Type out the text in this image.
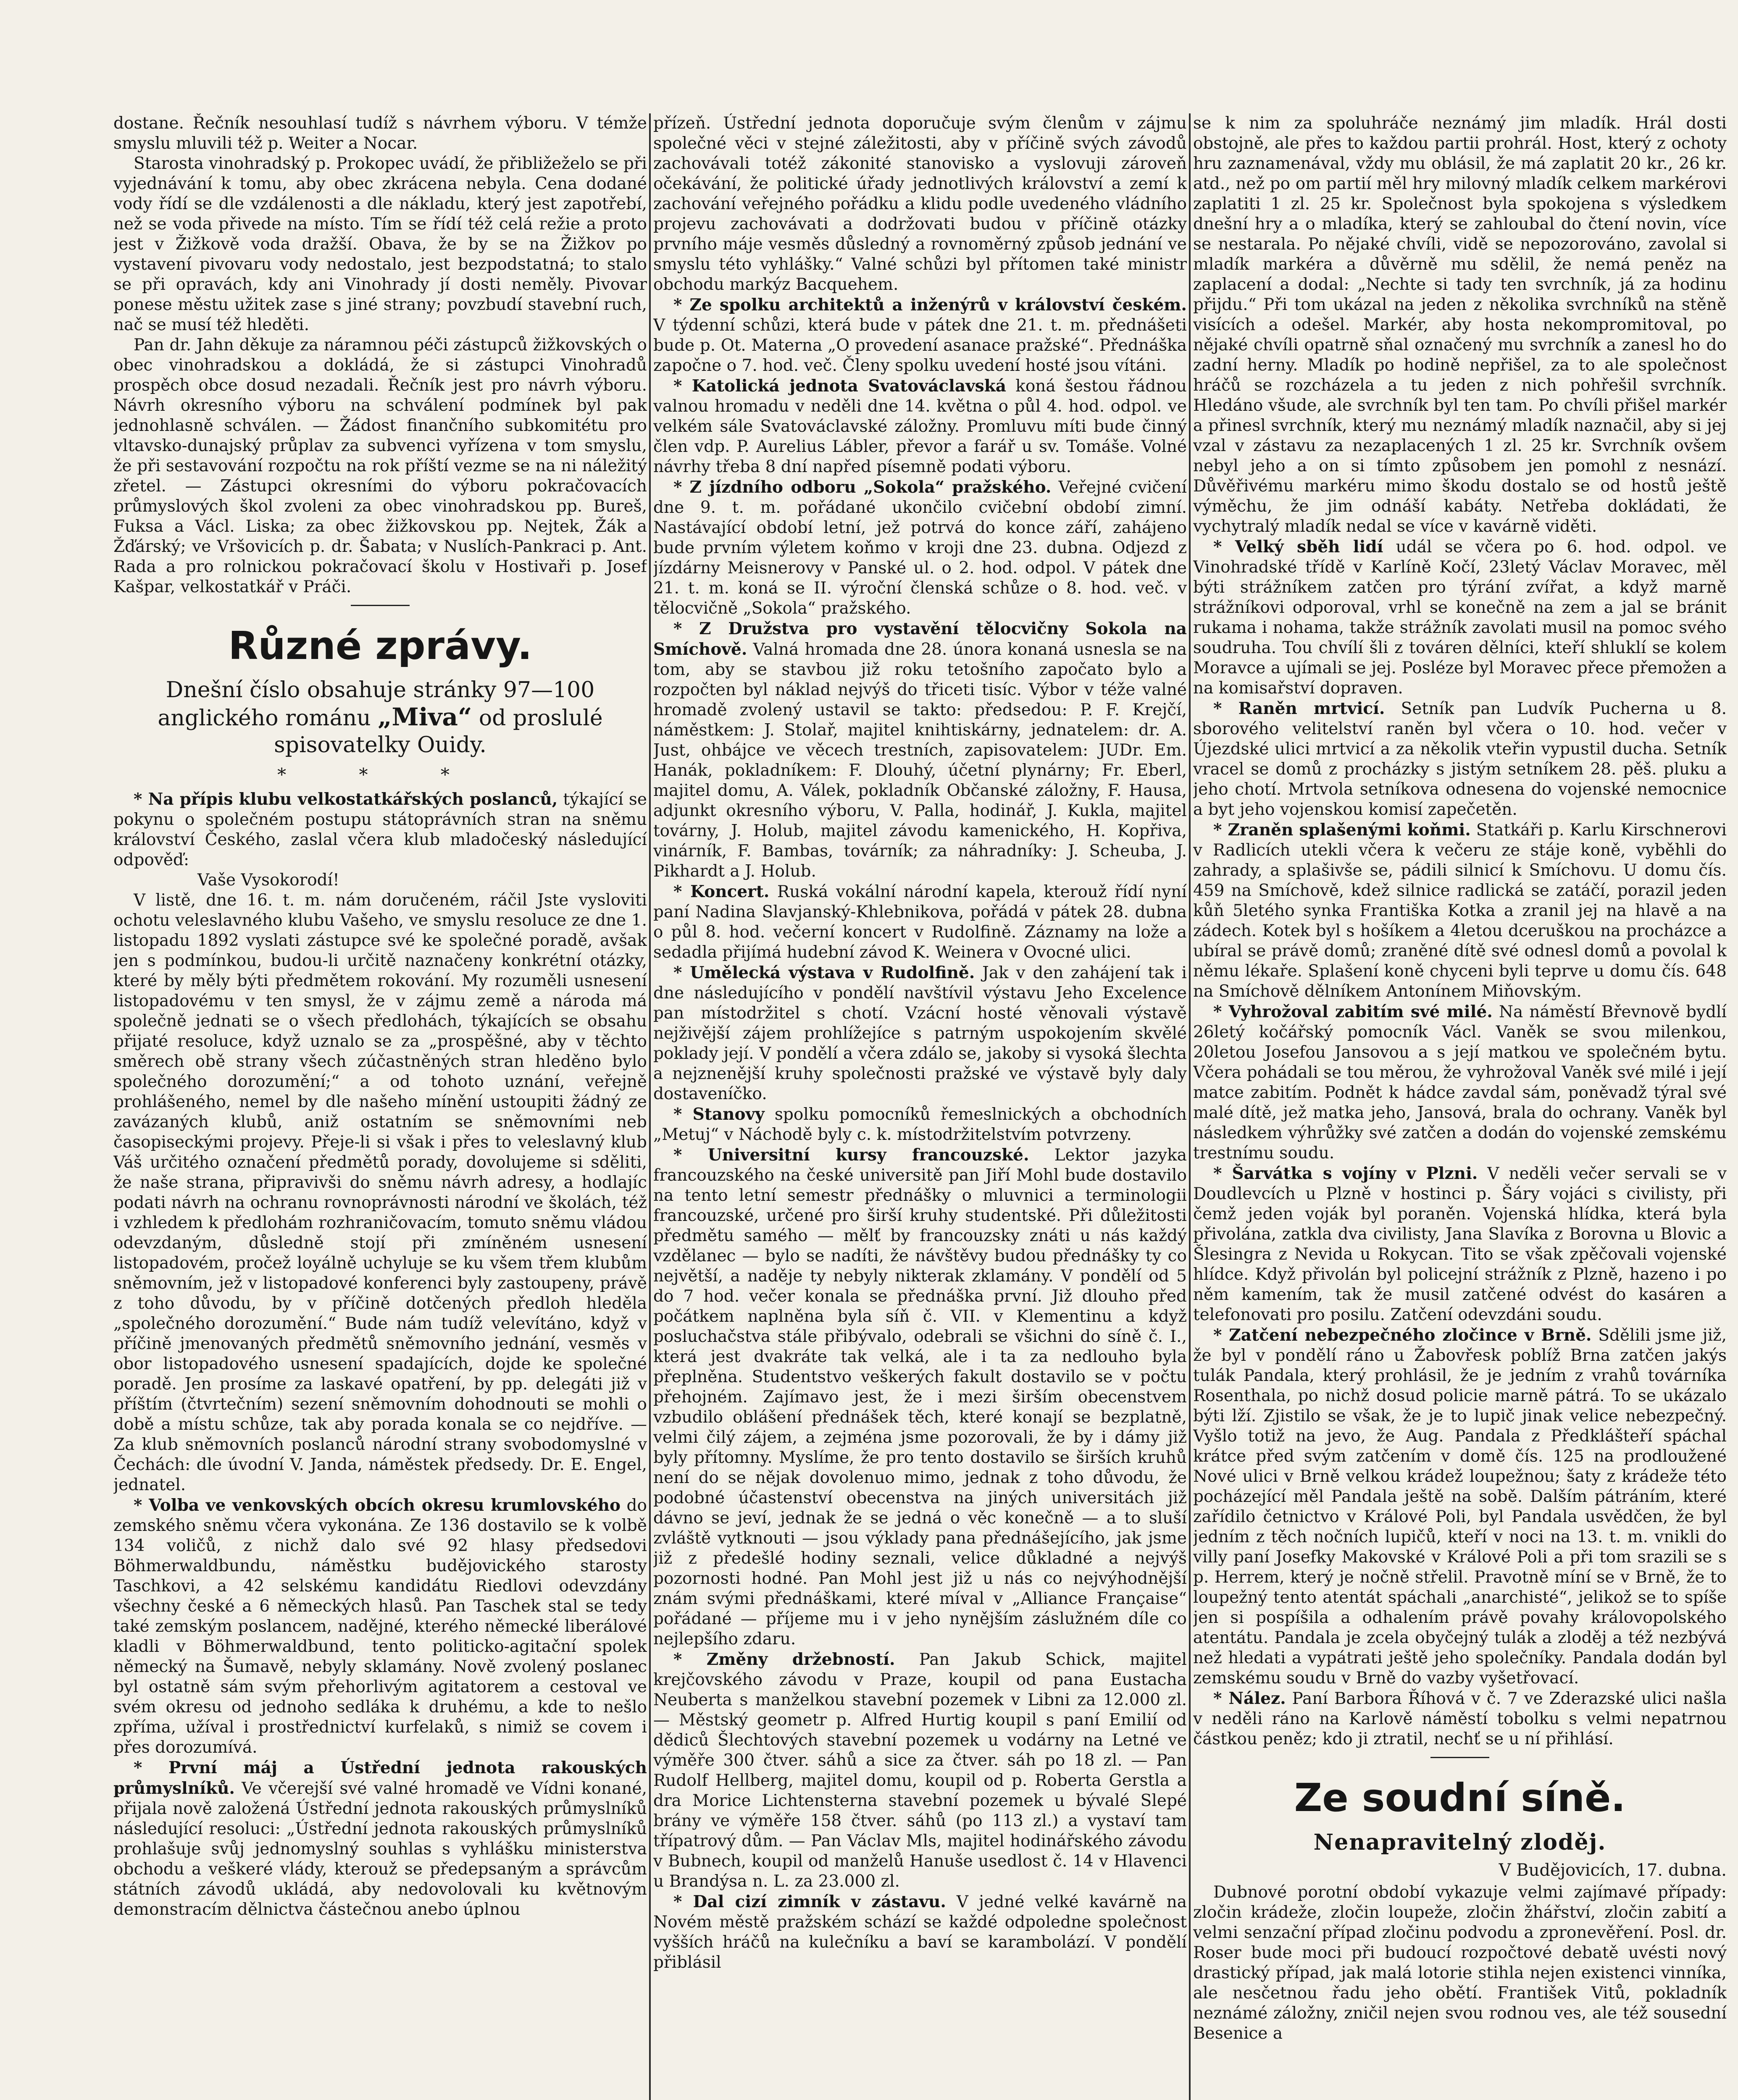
dostane. Řečník nesouhlasí tudíž s návrhem výboru. V témže smyslu mluvili též p. Weiter a Nocar.

Starosta vinohradský p. Prokopec uvádí, že přibližeželo se při vyjednávání k tomu, aby obec zkrácena nebyla. Cena dodané vody řídí se dle vzdálenosti a dle nákladu, který jest zapotřebí, než se voda přivede na místo. Tím se řídí též celá režie a proto jest v Žižkově voda dražší. Obava, že by se na Žižkov po vystavení pivovaru vody nedostalo, jest bezpodstatná; to stalo se při opravách, kdy ani Vinohrady jí dosti neměly. Pivovar ponese městu užitek zase s jiné strany; povzbudí stavební ruch, nač se musí též hleděti.

Pan dr. Jahn děkuje za náramnou péči zástupců žižkovských o obec vinohradskou a dokládá, že si zástupci Vinohradů prospěch obce dosud nezadali. Řečník jest pro návrh výboru. Návrh okresního výboru na schválení podmínek byl pak jednohlasně schválen. — Žádost finančního subkomitétu pro vltavsko-dunajský průplav za subvenci vyřízena v tom smyslu, že při sestavování rozpočtu na rok příští vezme se na ni náležitý zřetel. — Zástupci okresními do výboru pokračovacích průmyslových škol zvoleni za obec vinohradskou pp. Bureš, Fuksa a Václ. Liska; za obec žižkovskou pp. Nejtek, Žák a Žďárský; ve Vršovicích p. dr. Šabata; v Nuslích-Pankraci p. Ant. Rada a pro rolnickou pokračovací školu v Hostivaři p. Josef Kašpar, velkostatkář v Práči.

Různé zprávy.
Dnešní číslo obsahuje stránky 97—100 anglického románu „Miva“ od proslulé spisovatelky Ouidy.
* * *

* Na přípis klubu velkostatkářských poslanců, týkající se pokynu o společném postupu státoprávních stran na sněmu království Českého, zaslal včera klub mladočeský následující odpověď:

Vaše Vysokorodí!

V listě, dne 16. t. m. nám doručeném, ráčil Jste vysloviti ochotu veleslavného klubu Vašeho, ve smyslu resoluce ze dne 1. listopadu 1892 vyslati zástupce své ke společné poradě, avšak jen s podmínkou, budou-li určitě naznačeny konkrétní otázky, které by měly býti předmětem rokování. My rozuměli usnesení listopadovému v ten smysl, že v zájmu země a národa má společně jednati se o všech předlohách, týkajících se obsahu přijaté resoluce, když uznalo se za „prospěšné, aby v těchto směrech obě strany všech zúčastněných stran hleděno bylo společného dorozumění;“ a od tohoto uznání, veřejně prohlášeného, nemel by dle našeho mínění ustoupiti žádný ze zavázaných klubů, aniž ostatním se sněmovními neb časopiseckými projevy. Přeje-li si však i přes to veleslavný klub Váš určitého označení předmětů porady, dovolujeme si sděliti, že naše strana, připravivši do sněmu návrh adresy, a hodlajíc podati návrh na ochranu rovnoprávnosti národní ve školách, též i vzhledem k předlohám rozhraničovacím, tomuto sněmu vládou odevzdaným, důsledně stojí při zmíněném usnesení listopadovém, pročež loyálně uchyluje se ku všem třem klubům sněmovním, jež v listopadové konferenci byly zastoupeny, právě z toho důvodu, by v příčině dotčených předloh hleděla „společného dorozumění.“ Bude nám tudíž velevítáno, když v příčině jmenovaných předmětů sněmovního jednání, vesměs v obor listopadového usnesení spadajících, dojde ke společné poradě. Jen prosíme za laskavé opatření, by pp. delegáti již v příštím (čtvrtečním) sezení sněmovním dohodnouti se mohli o době a místu schůze, tak aby porada konala se co nejdříve. — Za klub sněmovních poslanců národní strany svobodomyslné v Čechách: dle úvodní V. Janda, náměstek předsedy. Dr. E. Engel, jednatel.

* Volba ve venkovských obcích okresu krumlovského do zemského sněmu včera vykonána. Ze 136 dostavilo se k volbě 134 voličů, z nichž dalo své 92 hlasy předsedovi Böhmerwaldbundu, náměstku budějovického starosty Taschkovi, a 42 selskému kandidátu Riedlovi odevzdány všechny české a 6 německých hlasů. Pan Taschek stal se tedy také zemským poslancem, nadějné, kterého německé liberálové kladli v Böhmerwaldbund, tento politicko-agitační spolek německý na Šumavě, nebyly sklamány. Nově zvolený poslanec byl ostatně sám svým přehorlivým agitatorem a cestoval ve svém okresu od jednoho sedláka k druhému, a kde to nešlo zpříma, užíval i prostřednictví kurfelaků, s nimiž se covem i přes dorozumívá.

* První máj a Ústřední jednota rakouských průmyslníků. Ve včerejší své valné hromadě ve Vídni konané, přijala nově založená Ústřední jednota rakouských průmyslníků následující resoluci: „Ústřední jednota rakouských průmyslníků prohlašuje svůj jednomyslný souhlas s vyhlášku ministerstva obchodu a veškeré vlády, kterouž se předepsaným a správcům státních závodů ukládá, aby nedovolovali ku květnovým demonstracím dělnictva částečnou anebo úplnou

přízeň. Ústřední jednota doporučuje svým členům v zájmu společné věci v stejné záležitosti, aby v příčině svých závodů zachovávali totéž zákonité stanovisko a vyslovuji zároveň očekávání, že politické úřady jednotlivých království a zemí k zachování veřejného pořádku a klidu podle uvedeného vládního projevu zachovávati a dodržovati budou v příčině otázky prvního máje vesměs důsledný a rovnoměrný způsob jednání ve smyslu této vyhlášky.“ Valné schůzi byl přítomen také ministr obchodu markýz Bacquehem.

* Ze spolku architektů a inženýrů v království českém. V týdenní schůzi, která bude v pátek dne 21. t. m. přednášeti bude p. Ot. Materna „O provedení asanace pražské“. Přednáška započne o 7. hod. več. Členy spolku uvedení hosté jsou vítáni.

* Katolická jednota Svatováclavská koná šestou řádnou valnou hromadu v neděli dne 14. května o půl 4. hod. odpol. ve velkém sále Svatováclavské záložny. Promluvu míti bude činný člen vdp. P. Aurelius Lábler, převor a farář u sv. Tomáše. Volné návrhy třeba 8 dní napřed písemně podati výboru.

* Z jízdního odboru „Sokola“ pražského. Veřejné cvičení dne 9. t. m. pořádané ukončilo cvičební období zimní. Nastávající období letní, jež potrvá do konce září, zahájeno bude prvním výletem koňmo v kroji dne 23. dubna. Odjezd z jízdárny Meisnerovy v Panské ul. o 2. hod. odpol. V pátek dne 21. t. m. koná se II. výroční členská schůze o 8. hod. več. v tělocvičně „Sokola“ pražského.

* Z Družstva pro vystavění tělocvičny Sokola na Smíchově. Valná hromada dne 28. února konaná usnesla se na tom, aby se stavbou již roku tetošního započato bylo a rozpočten byl náklad nejvýš do třiceti tisíc. Výbor v téže valné hromadě zvolený ustavil se takto: předsedou: P. F. Krejčí, náměstkem: J. Stolař, majitel knihtiskárny, jednatelem: dr. A. Just, ohbájce ve věcech trestních, zapisovatelem: JUDr. Em. Hanák, pokladníkem: F. Dlouhý, účetní plynárny; Fr. Eberl, majitel domu, A. Válek, pokladník Občanské záložny, F. Hausa, adjunkt okresního výboru, V. Palla, hodinář, J. Kukla, majitel továrny, J. Holub, majitel závodu kamenického, H. Kopřiva, vinárník, F. Bambas, továrník; za náhradníky: J. Scheuba, J. Pikhardt a J. Holub.

* Koncert. Ruská vokální národní kapela, kterouž řídí nyní paní Nadina Slavjanský-Khlebnikova, pořádá v pátek 28. dubna o půl 8. hod. večerní koncert v Rudolfině. Záznamy na lože a sedadla přijímá hudební závod K. Weinera v Ovocné ulici.

* Umělecká výstava v Rudolfině. Jak v den zahájení tak i dne následujícího v pondělí navštívil výstavu Jeho Excelence pan místodržitel s chotí. Vzácní hosté věnovali výstavě nejživější zájem prohlížejíce s patrným uspokojením skvělé poklady její. V pondělí a včera zdálo se, jakoby si vysoká šlechta a nejznenější kruhy společnosti pražské ve výstavě byly daly dostaveníčko.

* Stanovy spolku pomocníků řemeslnických a obchodních „Metuj“ v Náchodě byly c. k. místodržitelstvím potvrzeny.

* Universitní kursy francouzské. Lektor jazyka francouzského na české universitě pan Jiří Mohl bude dostavilo na tento letní semestr přednášky o mluvnici a terminologii francouzské, určené pro širší kruhy studentské. Při důležitosti předmětu samého — mělť by francouzsky znáti u nás každý vzdělanec — bylo se nadíti, že návštěvy budou přednášky ty co největší, a naděje ty nebyly nikterak zklamány. V pondělí od 5 do 7 hod. večer konala se přednáška první. Již dlouho před počátkem naplněna byla síň č. VII. v Klementinu a když posluchačstva stále přibývalo, odebrali se všichni do síně č. I., která jest dvakráte tak velká, ale i ta za nedlouho byla přeplněna. Studentstvo veškerých fakult dostavilo se v počtu přehojném. Zajímavo jest, že i mezi širším obecenstvem vzbudilo oblášení přednášek těch, které konají se bezplatně, velmi čilý zájem, a zejména jsme pozorovali, že by i dámy již byly přítomny. Myslíme, že pro tento dostavilo se širších kruhů není do se nějak dovolenuo mimo, jednak z toho důvodu, že podobné účastenství obecenstva na jiných universitách již dávno se jeví, jednak že se jedná o věc konečně — a to sluší zvláště vytknouti — jsou výklady pana přednášejícího, jak jsme již z předešlé hodiny seznali, velice důkladné a nejvýš pozornosti hodné. Pan Mohl jest již u nás co nejvýhodnější znám svými přednáškami, které míval v „Alliance Française“ pořádané — příjeme mu i v jeho nynějším záslužném díle co nejlepšího zdaru.

* Změny držebností. Pan Jakub Schick, majitel krejčovského závodu v Praze, koupil od pana Eustacha Neuberta s manželkou stavební pozemek v Libni za 12.000 zl. — Městský geometr p. Alfred Hurtig koupil s paní Emilií od dědiců Šlechtových stavební pozemek u vodárny na Letné ve výměře 300 čtver. sáhů a sice za čtver. sáh po 18 zl. — Pan Rudolf Hellberg, majitel domu, koupil od p. Roberta Gerstla a dra Morice Lichtensterna stavební pozemek u bývalé Slepé brány ve výměře 158 čtver. sáhů (po 113 zl.) a vystaví tam třípatrový dům. — Pan Václav Mls, majitel hodinářského závodu v Bubnech, koupil od manželů Hanuše usedlost č. 14 v Hlavenci u Brandýsa n. L. za 23.000 zl.

* Dal cizí zimník v zástavu. V jedné velké kavárně na Novém městě pražském schází se každé odpoledne společnost vyšších hráčů na kulečníku a baví se karambolází. V pondělí přiblásil

se k nim za spoluhráče neznámý jim mladík. Hrál dosti obstojně, ale přes to každou partii prohrál. Host, který z ochoty hru zaznamenával, vždy mu oblásil, že má zaplatit 20 kr., 26 kr. atd., než po om partií měl hry milovný mladík celkem markérovi zaplatiti 1 zl. 25 kr. Společnost byla spokojena s výsledkem dnešní hry a o mladíka, který se zahloubal do čtení novin, více se nestarala. Po nějaké chvíli, vidě se nepozorováno, zavolal si mladík markéra a důvěrně mu sdělil, že nemá peněz na zaplacení a dodal: „Nechte si tady ten svrchník, já za hodinu přijdu.“ Při tom ukázal na jeden z několika svrchníků na stěně visících a odešel. Markér, aby hosta nekompromitoval, po nějaké chvíli opatrně sňal označený mu svrchník a zanesl ho do zadní herny. Mladík po hodině nepřišel, za to ale společnost hráčů se rozcházela a tu jeden z nich pohřešil svrchník. Hledáno všude, ale svrchník byl ten tam. Po chvíli přišel markér a přinesl svrchník, který mu neznámý mladík naznačil, aby si jej vzal v zástavu za nezaplacených 1 zl. 25 kr. Svrchník ovšem nebyl jeho a on si tímto způsobem jen pomohl z nesnází. Důvěřivému markéru mimo škodu dostalo se od hostů ještě výměchu, že jim odnáší kabáty. Netřeba dokládati, že vychytralý mladík nedal se více v kavárně viděti.

* Velký sběh lidí udál se včera po 6. hod. odpol. ve Vinohradské třídě v Karlíně Kočí, 23letý Václav Moravec, měl býti strážníkem zatčen pro týrání zvířat, a když marně strážníkovi odporoval, vrhl se konečně na zem a jal se bránit rukama i nohama, takže strážník zavolati musil na pomoc svého soudruha. Tou chvílí šli z továren dělníci, kteří shluklí se kolem Moravce a ujímali se jej. Posléze byl Moravec přece přemožen a na komisařství dopraven.

* Raněn mrtvicí. Setník pan Ludvík Pucherna u 8. sborového velitelství raněn byl včera o 10. hod. večer v Újezdské ulici mrtvicí a za několik vteřin vypustil ducha. Setník vracel se domů z procházky s jistým setníkem 28. pěš. pluku a jeho chotí. Mrtvola setníkova odnesena do vojenské nemocnice a byt jeho vojenskou komisí zapečetěn.

* Zraněn splašenými koňmi. Statkáři p. Karlu Kirschnerovi v Radlicích utekli včera k večeru ze stáje koně, vyběhli do zahrady, a splašivše se, pádili silnicí k Smíchovu. U domu čís. 459 na Smíchově, kdež silnice radlická se zatáčí, porazil jeden kůň 5letého synka Františka Kotka a zranil jej na hlavě a na zádech. Kotek byl s hošíkem a 4letou dceruškou na procházce a ubíral se právě domů; zraněné dítě své odnesl domů a povolal k němu lékaře. Splašení koně chyceni byli teprve u domu čís. 648 na Smíchově dělníkem Antonínem Miňovským.

* Vyhrožoval zabitím své milé. Na náměstí Břevnově bydlí 26letý kočářský pomocník Václ. Vaněk se svou milenkou, 20letou Josefou Jansovou a s její matkou ve společném bytu. Včera pohádali se tou měrou, že vyhrožoval Vaněk své milé i její matce zabitím. Podnět k hádce zavdal sám, poněvadž týral své malé dítě, jež matka jeho, Jansová, brala do ochrany. Vaněk byl následkem výhrůžky své zatčen a dodán do vojenské zemskému trestnímu soudu.

* Šarvátka s vojíny v Plzni. V neděli večer servali se v Doudlevcích u Plzně v hostinci p. Šáry vojáci s civilisty, při čemž jeden voják byl poraněn. Vojenská hlídka, která byla přivolána, zatkla dva civilisty, Jana Slavíka z Borovna u Blovic a Šlesingra z Nevida u Rokycan. Tito se však zpěčovali vojenské hlídce. Když přivolán byl policejní strážník z Plzně, hazeno i po něm kamením, tak že musil zatčené odvést do kasáren a telefonovati pro posilu. Zatčení odevzdáni soudu.

* Zatčení nebezpečného zločince v Brně. Sdělili jsme již, že byl v pondělí ráno u Žabovřesk poblíž Brna zatčen jakýs tulák Pandala, který prohlásil, že je jedním z vrahů továrníka Rosenthala, po nichž dosud policie marně pátrá. To se ukázalo býti lží. Zjistilo se však, že je to lupič jinak velice nebezpečný. Vyšlo totiž na jevo, že Aug. Pandala z Předklášteří spáchal krátce před svým zatčením v domě čís. 125 na prodloužené Nové ulici v Brně velkou krádež loupežnou; šaty z krádeže této pocházející měl Pandala ještě na sobě. Dalším pátráním, které zařídilo četnictvo v Králové Poli, byl Pandala usvědčen, že byl jedním z těch nočních lupičů, kteří v noci na 13. t. m. vnikli do villy paní Josefky Makovské v Králové Poli a při tom srazili se s p. Herrem, který je nočně střelil. Pravotně míní se v Brně, že to loupežný tento atentát spáchali „anarchisté“, jelikož se to spíše jen si pospíšila a odhalením právě povahy královopolského atentátu. Pandala je zcela obyčejný tulák a zloděj a též nezbývá než hledati a vypátrati ještě jeho společníky. Pandala dodán byl zemskému soudu v Brně do vazby vyšetřovací.

* Nález. Paní Barbora Říhová v č. 7 ve Zderazské ulici našla v neděli ráno na Karlově náměstí tobolku s velmi nepatrnou částkou peněz; kdo ji ztratil, nechť se u ní přihlásí.

Ze soudní síně.
Nenapravitelný zloděj.
V Budějovicích, 17. dubna.

Dubnové porotní období vykazuje velmi zajímavé případy: zločin krádeže, zločin loupeže, zločin žhářství, zločin zabití a velmi senzační případ zločinu podvodu a zpronevěření. Posl. dr. Roser bude moci při budoucí rozpočtové debatě uvésti nový drastický případ, jak malá lotorie stihla nejen existenci vinníka, ale nesčetnou řadu jeho obětí. František Vitů, pokladník neznámé záložny, zničil nejen svou rodnou ves, ale též sousední Besenice a
